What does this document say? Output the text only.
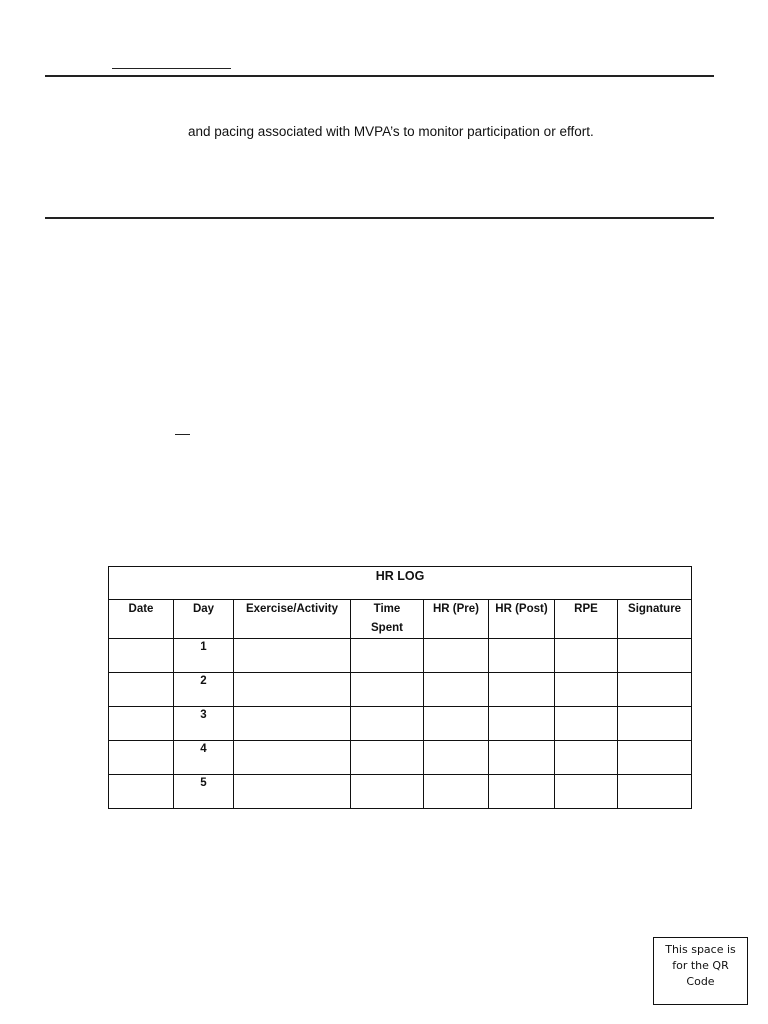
and pacing associated with MVPA’s to monitor participation or effort.
HR LOG							
Date	Day	Exercise/Activity	Time Spent	HR (Pre)	HR (Post)	RPE	Signature
	1						
	2						
	3						
	4						
	5						
This space is
for the QR
Code
